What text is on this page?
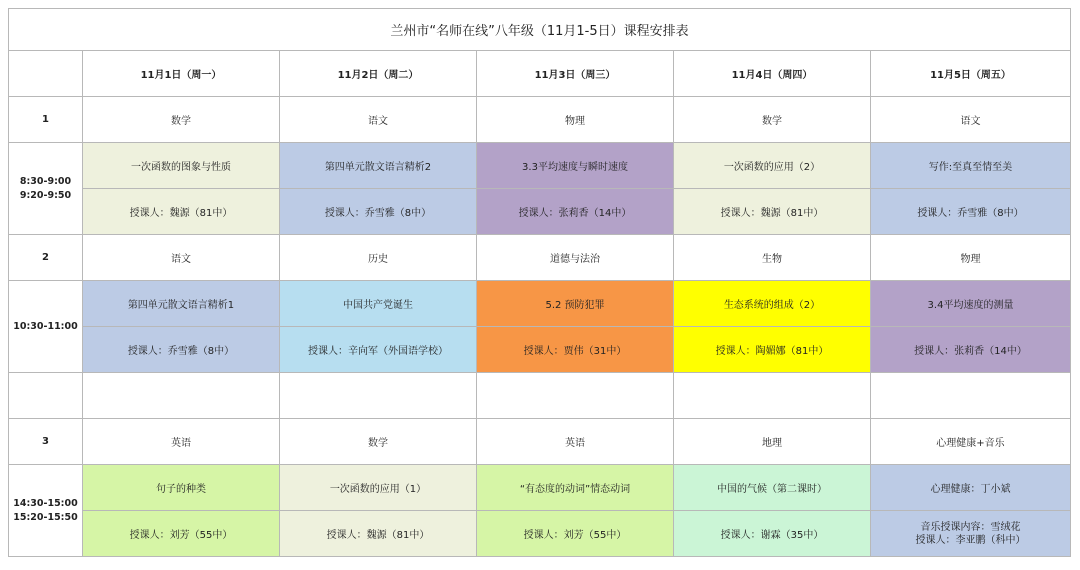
兰州市“名师在线”八年级（11月1-5日）课程安排表					
	11月1日（周一）	11月2日（周二）	11月3日（周三）	11月4日（周四）	11月5日（周五）
1	数学	语文	物理	数学	语文

8:30-9:00
9:20-9:50	一次函数的图象与性质	第四单元散文语言精析2	3.3平均速度与瞬时速度	一次函数的应用（2）	写作:至真至情至美
	授课人：魏源（81中）	授课人：乔雪雅（8中）	授课人：张莉香（14中）	授课人：魏源（81中）	授课人：乔雪雅（8中）
2	语文	历史	道德与法治	生物	物理

10:30-11:00	第四单元散文语言精析1	中国共产党诞生	5.2 预防犯罪	生态系统的组成（2）	3.4平均速度的测量
	授课人：乔雪雅（8中）	授课人：辛向军（外国语学校）	授课人：贾伟（31中）	授课人：陶媚娜（81中）	授课人：张莉香（14中）

3	英语	数学	英语	地理	心理健康+音乐

14:30-15:00
15:20-15:50	句子的种类	一次函数的应用（1）	“有态度的动词”情态动词	中国的气候（第二课时）	心理健康：丁小斌
	授课人：刘芳（55中）	授课人：魏源（81中）	授课人：刘芳（55中）	授课人：谢霖（35中）	音乐授课内容：雪绒花
授课人：李亚鹏（科中）
